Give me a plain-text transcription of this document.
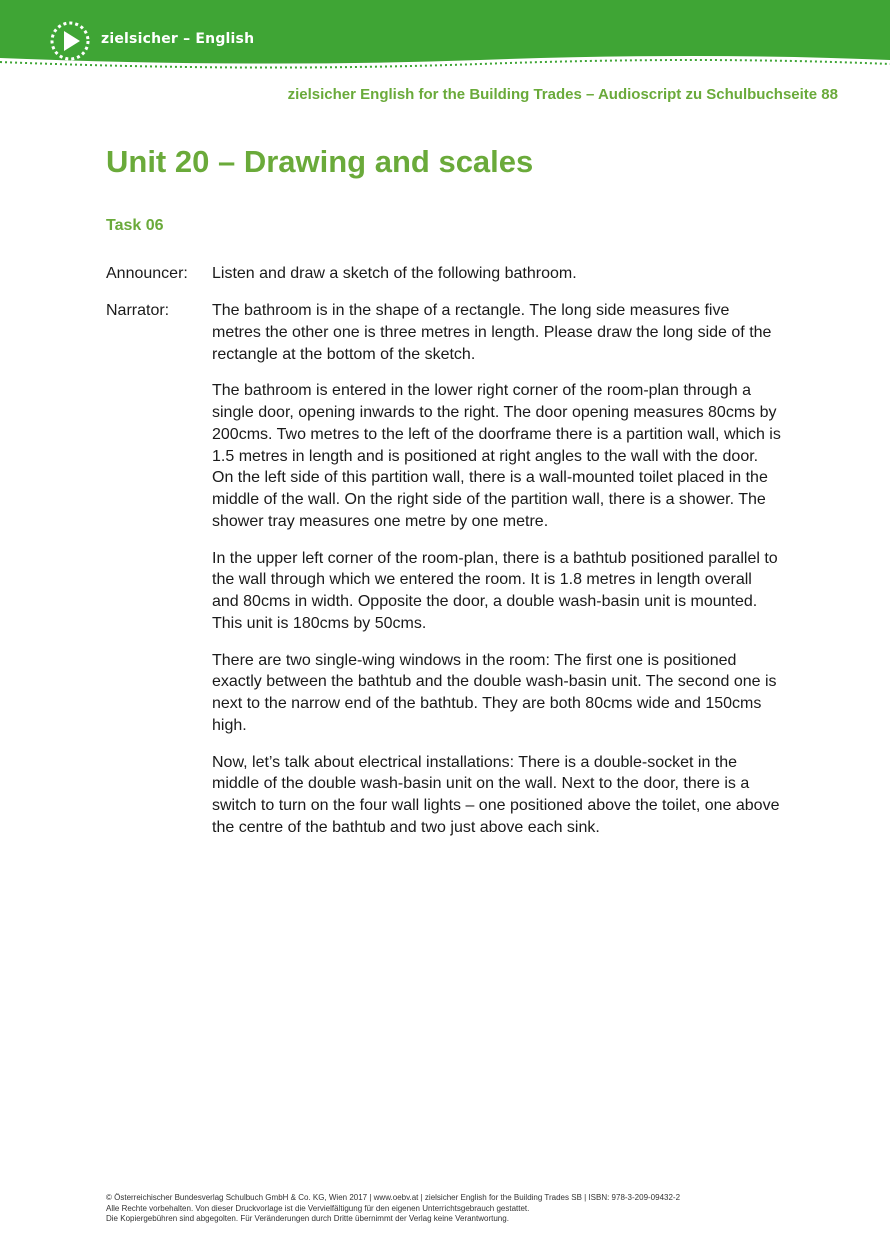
zielsicher – English
zielsicher English for the Building Trades – Audioscript zu Schulbuchseite 88
Unit 20 – Drawing and scales
Task 06
Announcer: Listen and draw a sketch of the following bathroom.

Narrator:	The bathroom is in the shape of a rectangle. The long side measures five metres the other one is three metres in length. Please draw the long side of the rectangle at the bottom of the sketch.

The bathroom is entered in the lower right corner of the room-plan through a single door, opening inwards to the right. The door opening measures 80cms by 200cms. Two metres to the left of the doorframe there is a partition wall, which is 1.5 metres in length and is positioned at right angles to the wall with the door. On the left side of this partition wall, there is a wall-mounted toilet placed in the middle of the wall. On the right side of the partition wall, there is a shower. The shower tray measures one metre by one metre.

In the upper left corner of the room-plan, there is a bathtub positioned parallel to the wall through which we entered the room. It is 1.8 metres in length overall and 80cms in width. Opposite the door, a double wash-basin unit is mounted. This unit is 180cms by 50cms.

There are two single-wing windows in the room: The first one is positioned exactly between the bathtub and the double wash-basin unit. The second one is next to the narrow end of the bathtub. They are both 80cms wide and 150cms high.

Now, let’s talk about electrical installations: There is a double-socket in the middle of the double wash-basin unit on the wall. Next to the door, there is a switch to turn on the four wall lights – one positioned above the toilet, one above the centre of the bathtub and two just above each sink.

© Österreichischer Bundesverlag Schulbuch GmbH & Co. KG, Wien 2017 | www.oebv.at | zielsicher English for the Building Trades SB | ISBN: 978-3-209-09432-2
Alle Rechte vorbehalten. Von dieser Druckvorlage ist die Vervielfältigung für den eigenen Unterrichtsgebrauch gestattet.
Die Kopiergebühren sind abgegolten. Für Veränderungen durch Dritte übernimmt der Verlag keine Verantwortung.
